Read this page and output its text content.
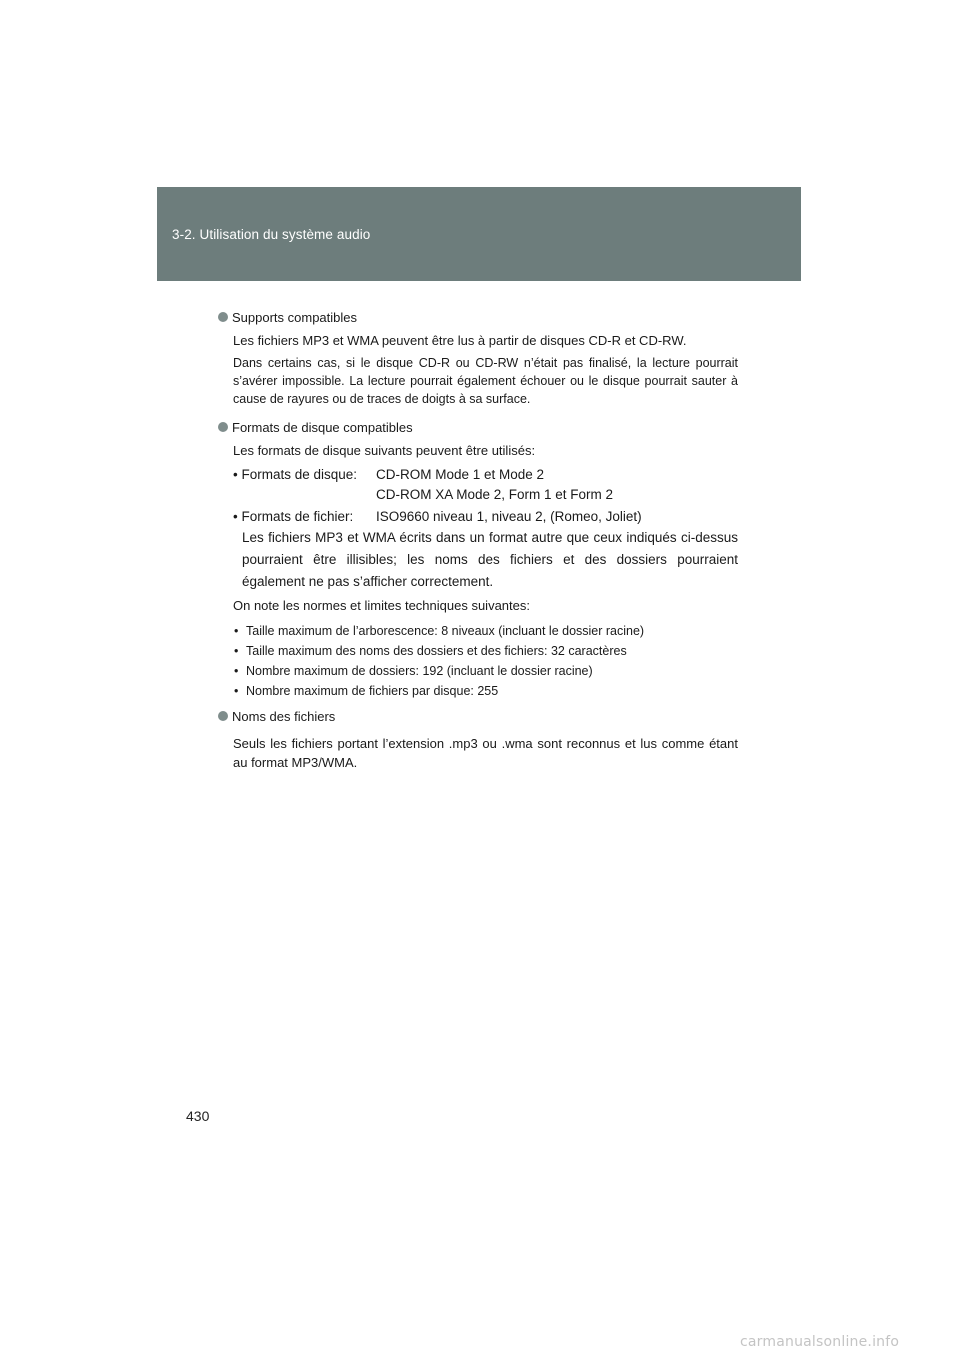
3-2. Utilisation du système audio
Supports compatibles

Les fichiers MP3 et WMA peuvent être lus à partir de disques CD-R et CD-RW.

Dans certains cas, si le disque CD-R ou CD-RW n’était pas finalisé, la lecture pourrait s’avérer impossible. La lecture pourrait également échouer ou le disque pourrait sauter à cause de rayures ou de traces de doigts à sa surface.

Formats de disque compatibles

Les formats de disque suivants peuvent être utilisés:

• Formats de disque:	CD-ROM Mode 1 et Mode 2
CD-ROM XA Mode 2, Form 1 et Form 2
• Formats de fichier:	ISO9660 niveau 1, niveau 2, (Romeo, Joliet)

Les fichiers MP3 et WMA écrits dans un format autre que ceux indiqués ci-dessus pourraient être illisibles; les noms des fichiers et des dossiers pourraient également ne pas s’afficher correctement.

On note les normes et limites techniques suivantes:

• Taille maximum de l’arborescence: 8 niveaux (incluant le dossier racine)
• Taille maximum des noms des dossiers et des fichiers: 32 caractères
• Nombre maximum de dossiers: 192 (incluant le dossier racine)
• Nombre maximum de fichiers par disque: 255
Noms des fichiers

Seuls les fichiers portant l’extension .mp3 ou .wma sont reconnus et lus comme étant au format MP3/WMA.

430
carmanualsonline.info
